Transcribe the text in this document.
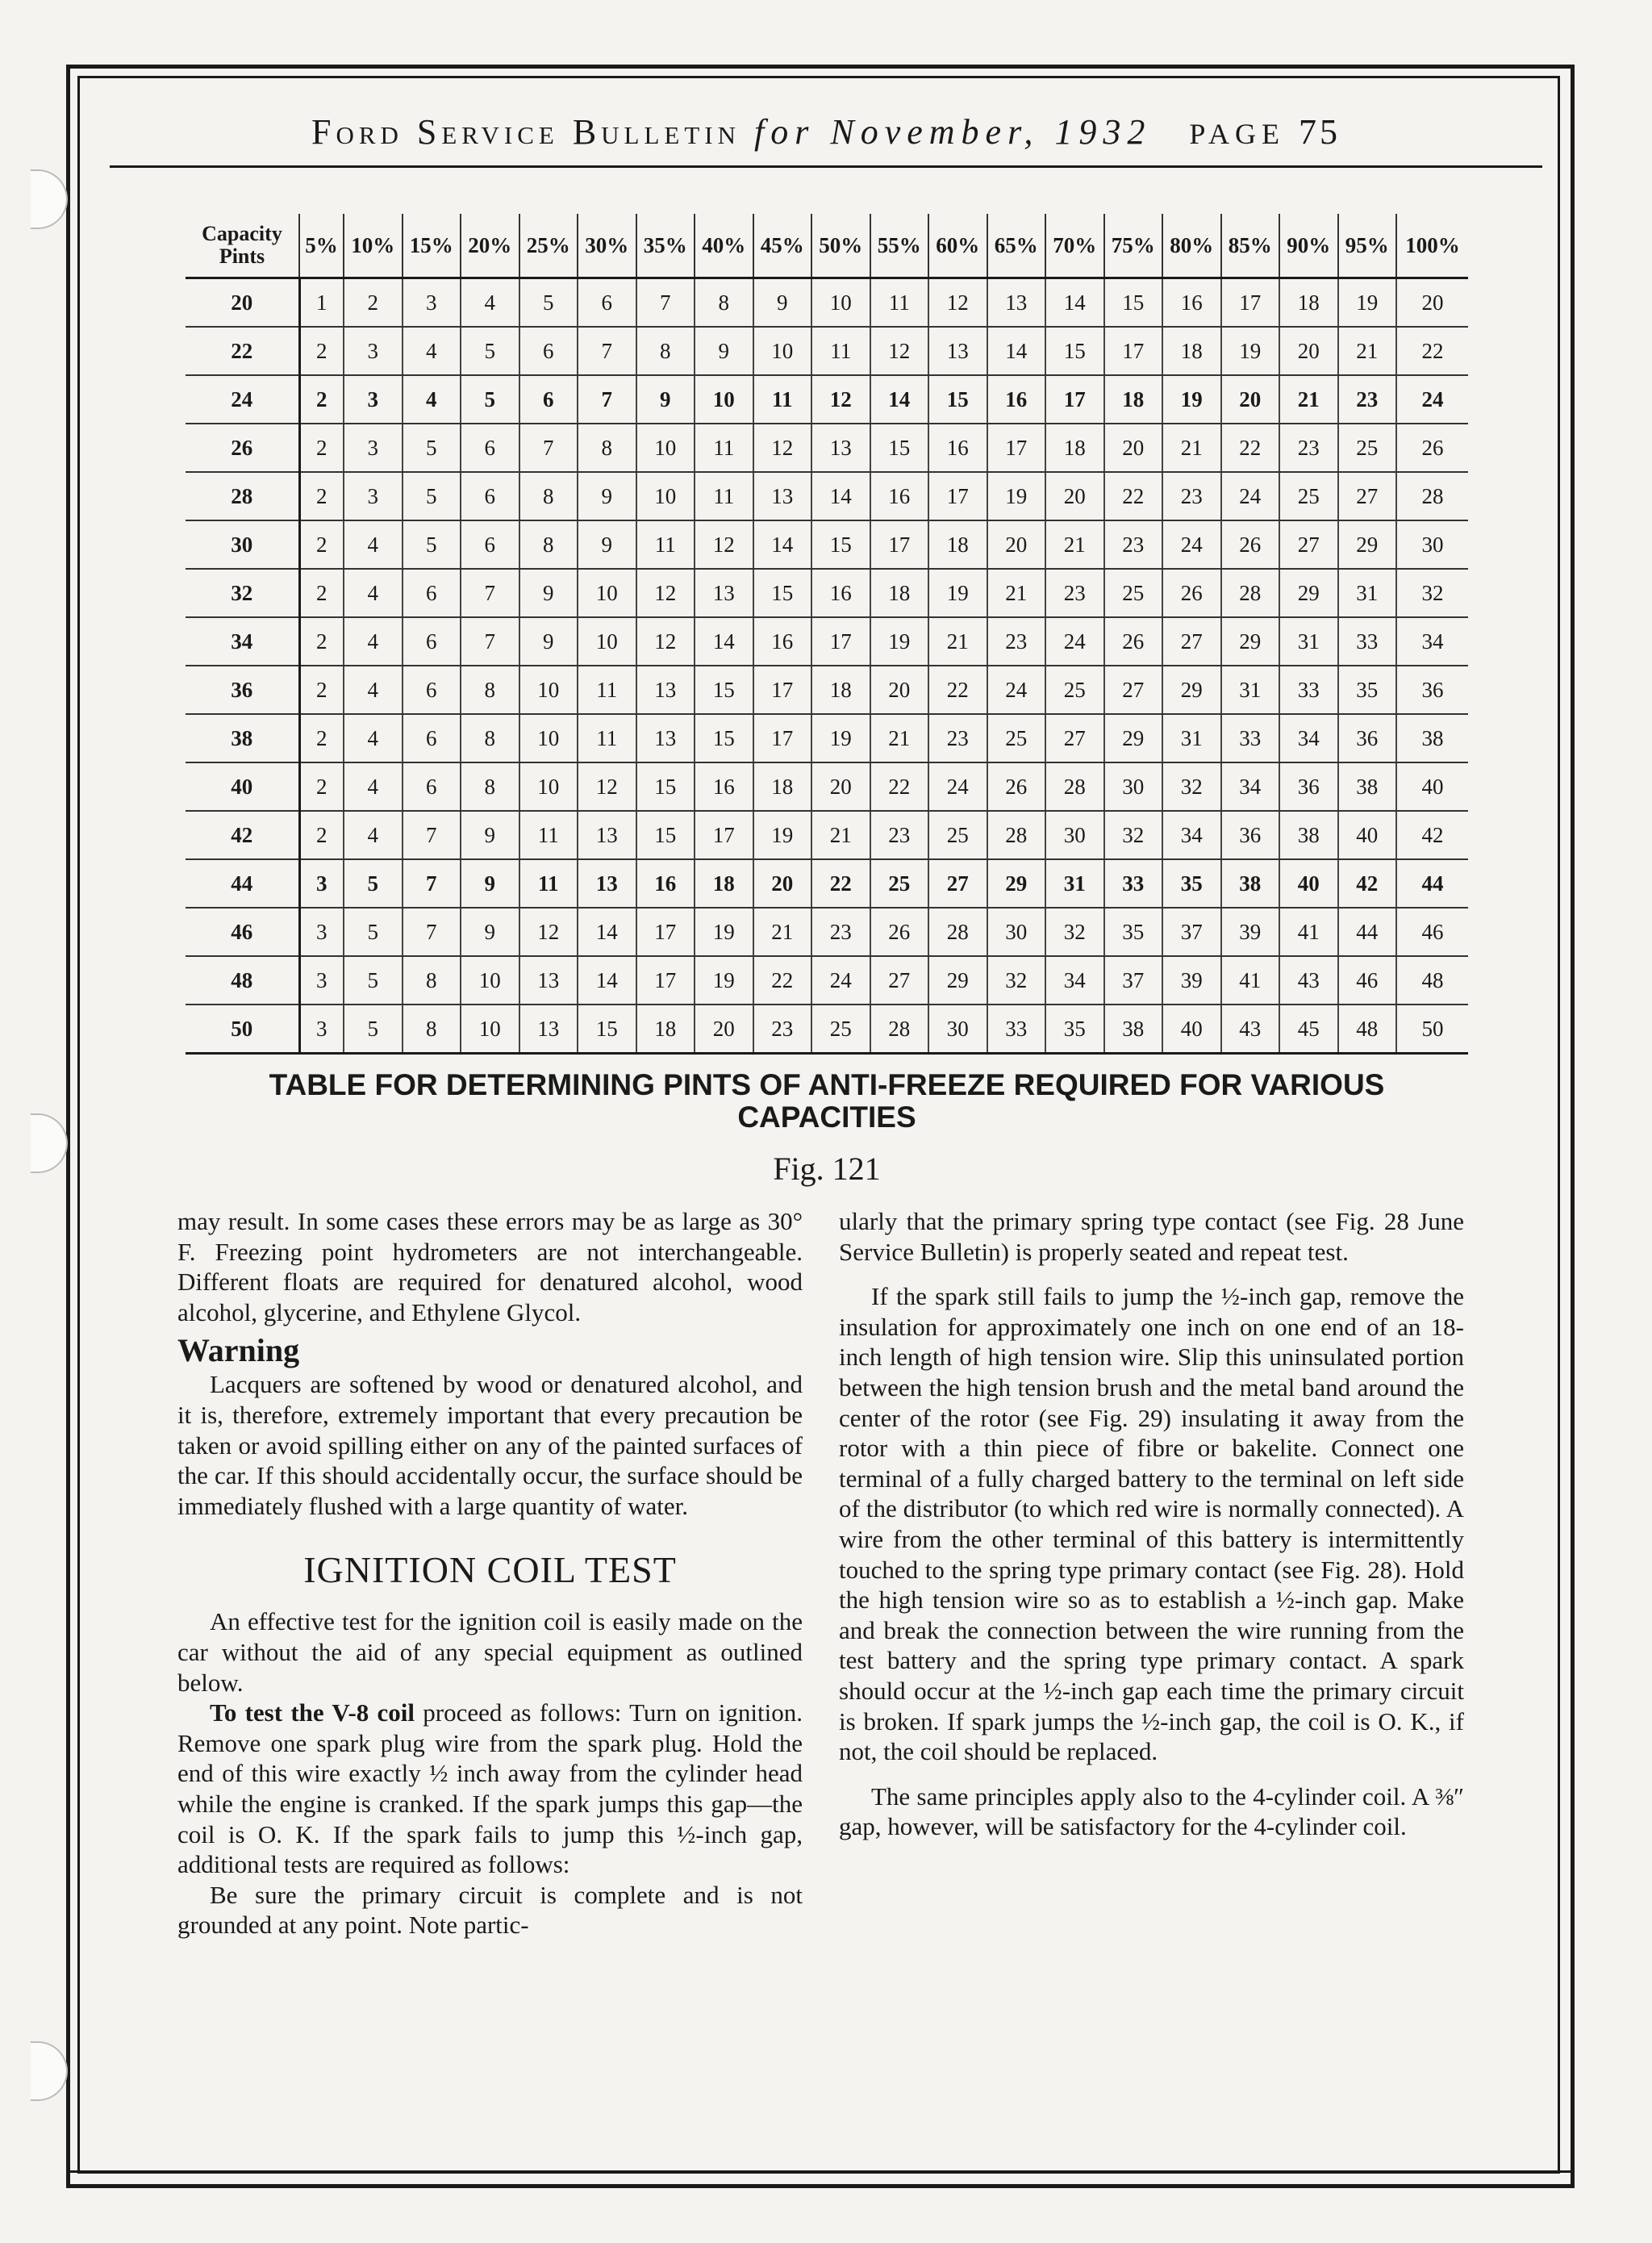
Ford Service Bulletin for November, 1932 PAGE 75
Capacity Pints	5%	10%	15%	20%	25%	30%	35%	40%	45%	50%	55%	60%	65%	70%	75%	80%	85%	90%	95%	100%
20	1	2	3	4	5	6	7	8	9	10	11	12	13	14	15	16	17	18	19	20
22	2	3	4	5	6	7	8	9	10	11	12	13	14	15	17	18	19	20	21	22
24	2	3	4	5	6	7	9	10	11	12	14	15	16	17	18	19	20	21	23	24
26	2	3	5	6	7	8	10	11	12	13	15	16	17	18	20	21	22	23	25	26
28	2	3	5	6	8	9	10	11	13	14	16	17	19	20	22	23	24	25	27	28
30	2	4	5	6	8	9	11	12	14	15	17	18	20	21	23	24	26	27	29	30
32	2	4	6	7	9	10	12	13	15	16	18	19	21	23	25	26	28	29	31	32
34	2	4	6	7	9	10	12	14	16	17	19	21	23	24	26	27	29	31	33	34
36	2	4	6	8	10	11	13	15	17	18	20	22	24	25	27	29	31	33	35	36
38	2	4	6	8	10	11	13	15	17	19	21	23	25	27	29	31	33	34	36	38
40	2	4	6	8	10	12	15	16	18	20	22	24	26	28	30	32	34	36	38	40
42	2	4	7	9	11	13	15	17	19	21	23	25	28	30	32	34	36	38	40	42
44	3	5	7	9	11	13	16	18	20	22	25	27	29	31	33	35	38	40	42	44
46	3	5	7	9	12	14	17	19	21	23	26	28	30	32	35	37	39	41	44	46
48	3	5	8	10	13	14	17	19	22	24	27	29	32	34	37	39	41	43	46	48
50	3	5	8	10	13	15	18	20	23	25	28	30	33	35	38	40	43	45	48	50
TABLE FOR DETERMINING PINTS OF ANTI-FREEZE REQUIRED FOR VARIOUS CAPACITIES
Fig. 121

may result. In some cases these errors may be as large as 30° F. Freezing point hydrometers are not interchangeable. Different floats are required for denatured alcohol, wood alcohol, glycerine, and Ethylene Glycol.

Warning

Lacquers are softened by wood or denatured alcohol, and it is, therefore, extremely important that every precaution be taken or avoid spilling either on any of the painted surfaces of the car. If this should accidentally occur, the surface should be immediately flushed with a large quantity of water.

IGNITION COIL TEST

An effective test for the ignition coil is easily made on the car without the aid of any special equipment as outlined below.

To test the V-8 coil proceed as follows: Turn on ignition. Remove one spark plug wire from the spark plug. Hold the end of this wire exactly ½ inch away from the cylinder head while the engine is cranked. If the spark jumps this gap—the coil is O. K. If the spark fails to jump this ½-inch gap, additional tests are required as follows:

Be sure the primary circuit is complete and is not grounded at any point. Note partic-

ularly that the primary spring type contact (see Fig. 28 June Service Bulletin) is properly seated and repeat test.

If the spark still fails to jump the ½-inch gap, remove the insulation for approximately one inch on one end of an 18-inch length of high tension wire. Slip this uninsulated portion between the high tension brush and the metal band around the center of the rotor (see Fig. 29) insulating it away from the rotor with a thin piece of fibre or bakelite. Connect one terminal of a fully charged battery to the terminal on left side of the distributor (to which red wire is normally connected). A wire from the other terminal of this battery is intermittently touched to the spring type primary contact (see Fig. 28). Hold the high tension wire so as to establish a ½-inch gap. Make and break the connection between the wire running from the test battery and the spring type primary contact. A spark should occur at the ½-inch gap each time the primary circuit is broken. If spark jumps the ½-inch gap, the coil is O. K., if not, the coil should be replaced.

The same principles apply also to the 4-cylinder coil. A ⅜″ gap, however, will be satisfactory for the 4-cylinder coil.
